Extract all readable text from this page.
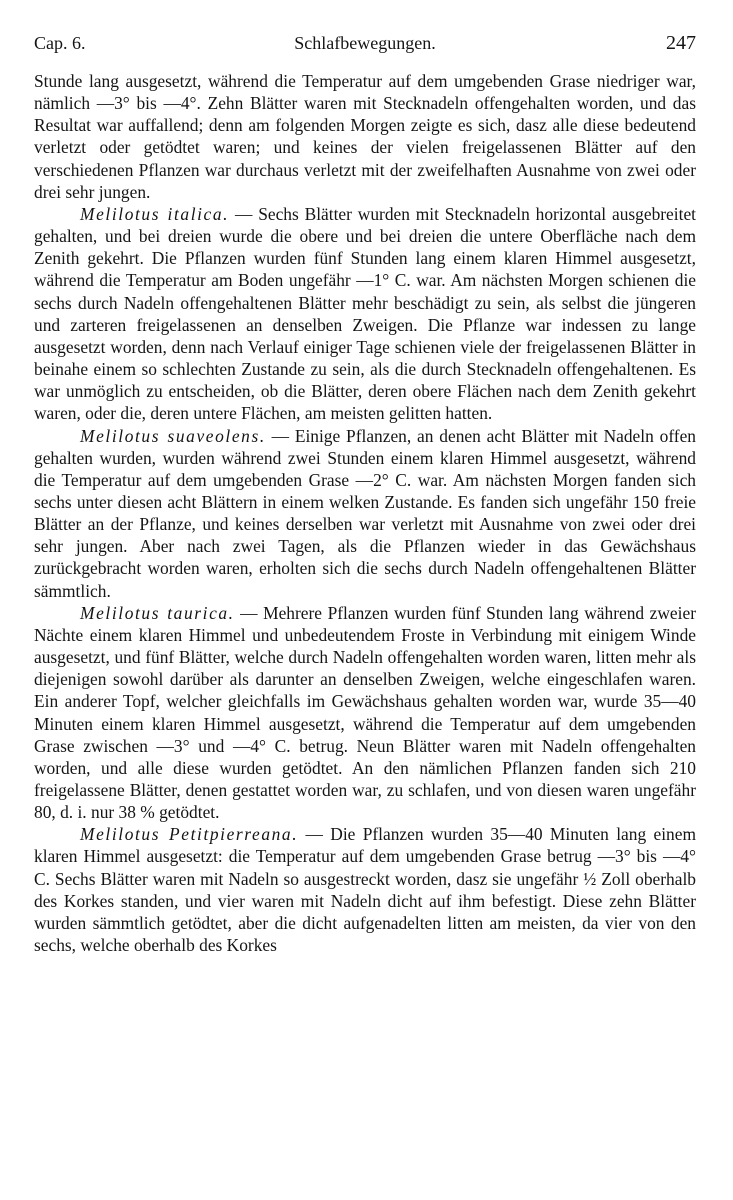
Cap. 6.	Schlafbewegungen.	247

Stunde lang ausgesetzt, während die Temperatur auf dem umgebenden Grase niedriger war, nämlich —3° bis —4°. Zehn Blätter waren mit Stecknadeln offengehalten worden, und das Resultat war auffallend; denn am folgenden Morgen zeigte es sich, dasz alle diese bedeutend verletzt oder getödtet waren; und keines der vielen freigelassenen Blätter auf den verschiedenen Pflanzen war durchaus verletzt mit der zweifelhaften Ausnahme von zwei oder drei sehr jungen.

Melilotus italica. — Sechs Blätter wurden mit Stecknadeln horizontal ausgebreitet gehalten, und bei dreien wurde die obere und bei dreien die untere Oberfläche nach dem Zenith gekehrt. Die Pflanzen wurden fünf Stunden lang einem klaren Himmel ausgesetzt, während die Temperatur am Boden ungefähr —1° C. war. Am nächsten Morgen schienen die sechs durch Nadeln offengehaltenen Blätter mehr beschädigt zu sein, als selbst die jüngeren und zarteren freigelassenen an denselben Zweigen. Die Pflanze war indessen zu lange ausgesetzt worden, denn nach Verlauf einiger Tage schienen viele der freigelassenen Blätter in beinahe einem so schlechten Zustande zu sein, als die durch Stecknadeln offengehaltenen. Es war unmöglich zu entscheiden, ob die Blätter, deren obere Flächen nach dem Zenith gekehrt waren, oder die, deren untere Flächen, am meisten gelitten hatten.

Melilotus suaveolens. — Einige Pflanzen, an denen acht Blätter mit Nadeln offen gehalten wurden, wurden während zwei Stunden einem klaren Himmel ausgesetzt, während die Temperatur auf dem umgebenden Grase —2° C. war. Am nächsten Morgen fanden sich sechs unter diesen acht Blättern in einem welken Zustande. Es fanden sich ungefähr 150 freie Blätter an der Pflanze, und keines derselben war verletzt mit Ausnahme von zwei oder drei sehr jungen. Aber nach zwei Tagen, als die Pflanzen wieder in das Gewächshaus zurückgebracht worden waren, erholten sich die sechs durch Nadeln offengehaltenen Blätter sämmtlich.

Melilotus taurica. — Mehrere Pflanzen wurden fünf Stunden lang während zweier Nächte einem klaren Himmel und unbedeutendem Froste in Verbindung mit einigem Winde ausgesetzt, und fünf Blätter, welche durch Nadeln offengehalten worden waren, litten mehr als diejenigen sowohl darüber als darunter an denselben Zweigen, welche eingeschlafen waren. Ein anderer Topf, welcher gleichfalls im Gewächshaus gehalten worden war, wurde 35—40 Minuten einem klaren Himmel ausgesetzt, während die Temperatur auf dem umgebenden Grase zwischen —3° und —4° C. betrug. Neun Blätter waren mit Nadeln offengehalten worden, und alle diese wurden getödtet. An den nämlichen Pflanzen fanden sich 210 freigelassene Blätter, denen gestattet worden war, zu schlafen, und von diesen waren ungefähr 80, d. i. nur 38 % getödtet.

Melilotus Petitpierreana. — Die Pflanzen wurden 35—40 Minuten lang einem klaren Himmel ausgesetzt: die Temperatur auf dem umgebenden Grase betrug —3° bis —4° C. Sechs Blätter waren mit Nadeln so ausgestreckt worden, dasz sie ungefähr ½ Zoll oberhalb des Korkes standen, und vier waren mit Nadeln dicht auf ihm befestigt. Diese zehn Blätter wurden sämmtlich getödtet, aber die dicht aufgenadelten litten am meisten, da vier von den sechs, welche oberhalb des Korkes
